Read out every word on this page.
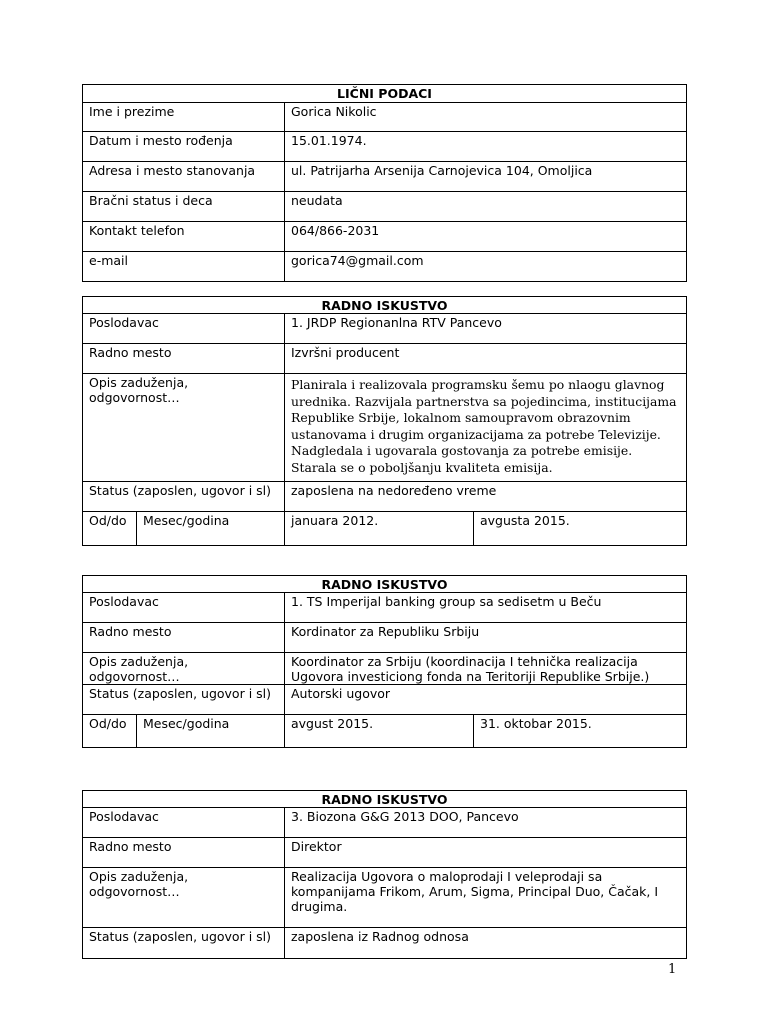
LIČNI PODACI	
Ime i prezime	Gorica Nikolic
Datum i mesto rođenja	15.01.1974.
Adresa i mesto stanovanja	ul. Patrijarha Arsenija Carnojevica 104, Omoljica
Bračni status i deca	neudata
Kontakt telefon	064/866-2031
e-mail	gorica74@gmail.com
RADNO ISKUSTVO			
Poslodavac		1. JRDP Regionanlna RTV Pancevo	
Radno mesto		Izvršni producent	
Opis zaduženja, odgovornost…		Planirala i realizovala programsku šemu po nlaogu glavnog urednika. Razvijala partnerstva sa pojedincima, institucijama Republike Srbije, lokalnom samoupravom obrazovnim ustanovama i drugim organizacijama za potrebe Televizije. Nadgledala i ugovarala gostovanja za potrebe emisije. Starala se o poboljšanju kvaliteta emisija.	
Status (zaposlen, ugovor i sl)		zaposlena na nedoređeno vreme	
Od/do	Mesec/godina	januara 2012.	avgusta 2015.
RADNO ISKUSTVO			
Poslodavac		1. TS Imperijal banking group sa sedisetm u Beču	
Radno mesto		Kordinator za Republiku Srbiju	
Opis zaduženja, odgovornost…		Koordinator za Srbiju (koordinacija I tehnička realizacija Ugovora investiciong fonda na Teritoriji Republike Srbije.)	
Status (zaposlen, ugovor i sl)		Autorski ugovor	
Od/do	Mesec/godina	avgust 2015.	31. oktobar 2015.
RADNO ISKUSTVO	
Poslodavac	3. Biozona G&G 2013 DOO, Pancevo
Radno mesto	Direktor
Opis zaduženja, odgovornost…	Realizacija Ugovora o maloprodaji I veleprodaji sa kompanijama Frikom, Arum, Sigma, Principal Duo, Čačak, I drugima.
Status (zaposlen, ugovor i sl)	zaposlena iz Radnog odnosa
1
